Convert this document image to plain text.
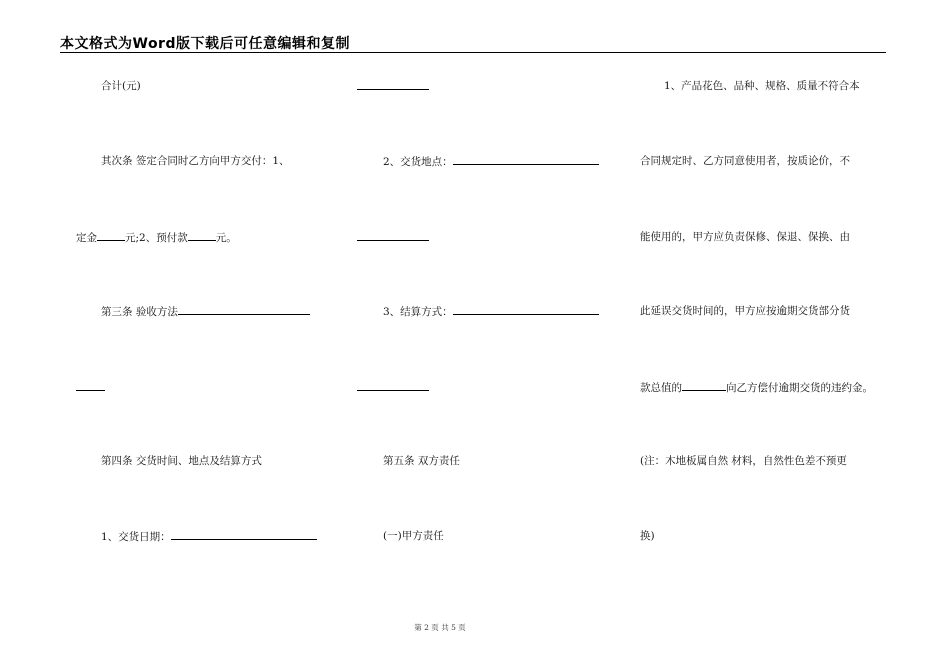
本文格式为Word版下载后可任意编辑和复制
合计(元)
其次条 签定合同时乙方向甲方交付：1、
定金	元;2、预付款	元。
第三条 验收方法
第四条 交货时间、地点及结算方式
1、交货日期：
2、交货地点：
3、结算方式：
第五条 双方责任
(一)甲方责任
1、产品花色、品种、规格、质量不符合本
合同规定时、乙方同意使用者，按质论价，不
能使用的，甲方应负责保修、保退、保换、由
此延误交货时间的，甲方应按逾期交货部分货
款总值的	向乙方偿付逾期交货的违约金。
(注：木地板属自然 材料，自然性色差不预更
换)
第 2 页 共 5 页
